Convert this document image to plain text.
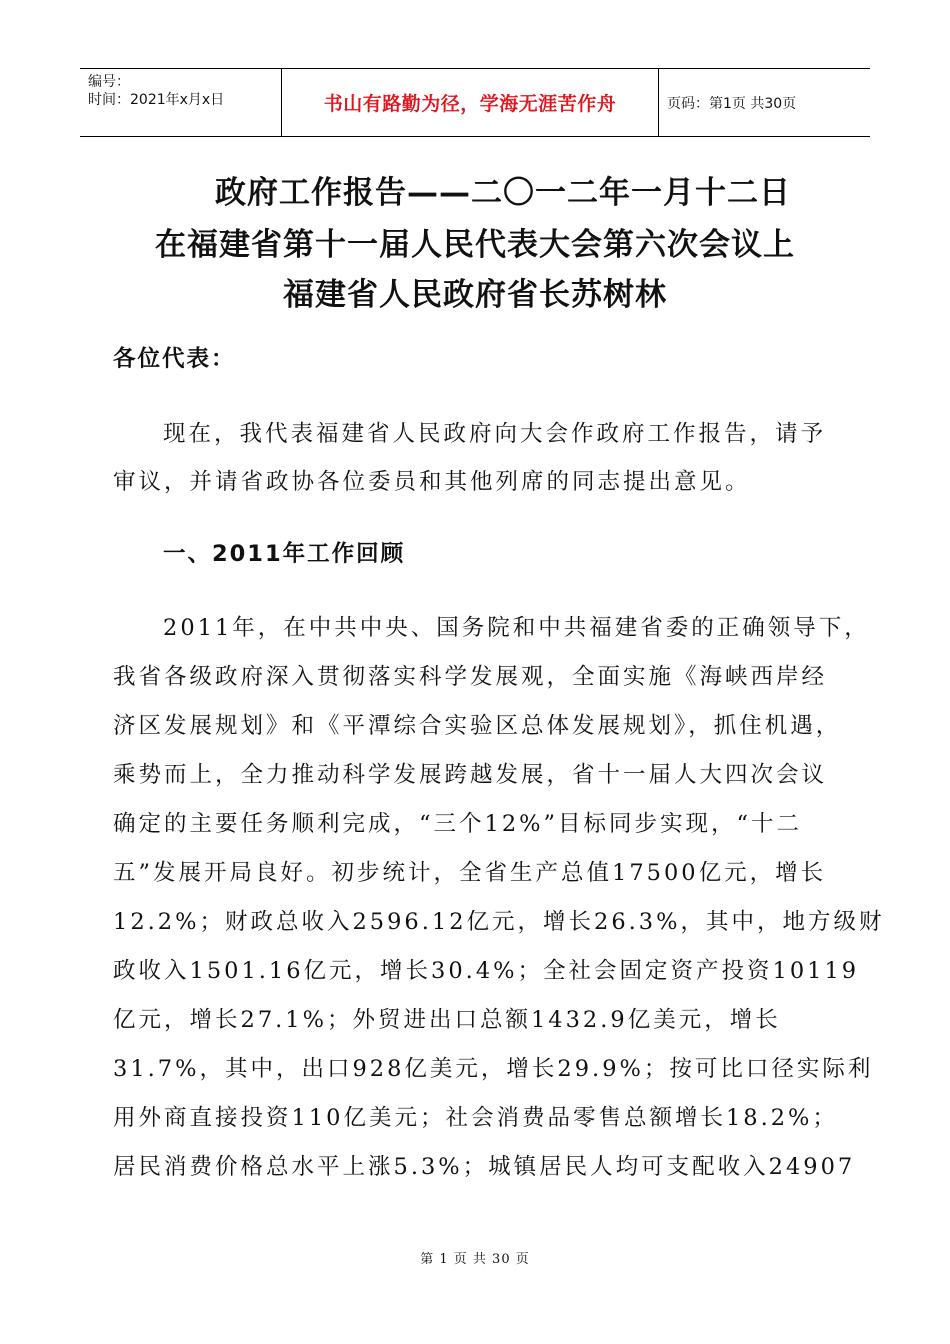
编号：
时间：2021年x月x日	书山有路勤为径，学海无涯苦作舟	页码：第1页 共30页
政府工作报告——二〇一二年一月十二日
在福建省第十一届人民代表大会第六次会议上
福建省人民政府省长苏树林
各位代表：
现在，我代表福建省人民政府向大会作政府工作报告，请予
审议，并请省政协各位委员和其他列席的同志提出意见。
一、2011年工作回顾
2011年，在中共中央、国务院和中共福建省委的正确领导下，
我省各级政府深入贯彻落实科学发展观，全面实施《海峡西岸经
济区发展规划》和《平潭综合实验区总体发展规划》，抓住机遇，
乘势而上，全力推动科学发展跨越发展，省十一届人大四次会议
确定的主要任务顺利完成，“三个12%”目标同步实现，“十二
五”发展开局良好。初步统计，全省生产总值17500亿元，增长
12.2%；财政总收入2596.12亿元，增长26.3%，其中，地方级财
政收入1501.16亿元，增长30.4%；全社会固定资产投资10119
亿元，增长27.1%；外贸进出口总额1432.9亿美元，增长
31.7%，其中，出口928亿美元，增长29.9%；按可比口径实际利
用外商直接投资110亿美元；社会消费品零售总额增长18.2%；
居民消费价格总水平上涨5.3%；城镇居民人均可支配收入24907
第 1 页 共 30 页
